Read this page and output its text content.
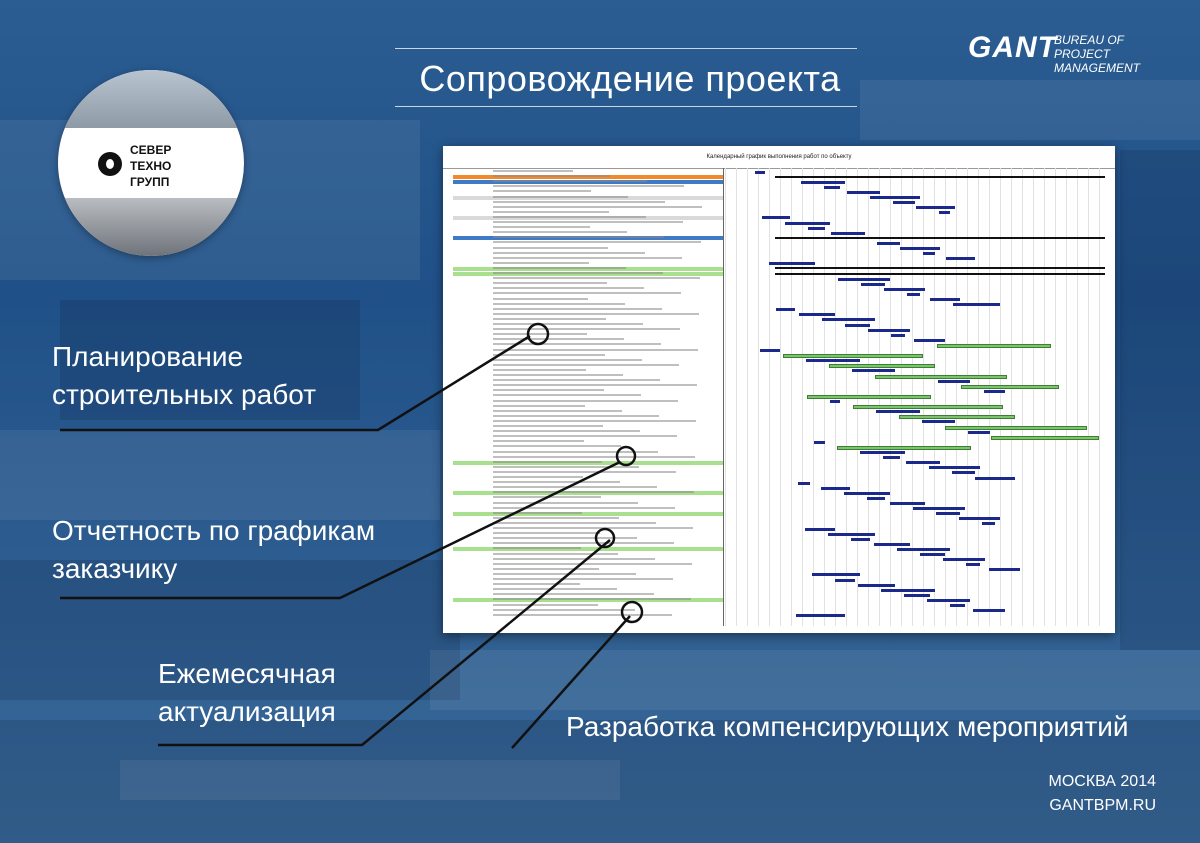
Сопровождение проекта
GANT
BUREAU OF PROJECT
MANAGEMENT
СЕВЕР
ТЕХНО
ГРУПП
Календарный график выполнения работ по объекту
Планирование
строительных работ
Отчетность по графикам
заказчику
Ежемесячная
актуализация	Разработка компенсирующих мероприятий
МОСКВА 2014
GANTBPM.RU
